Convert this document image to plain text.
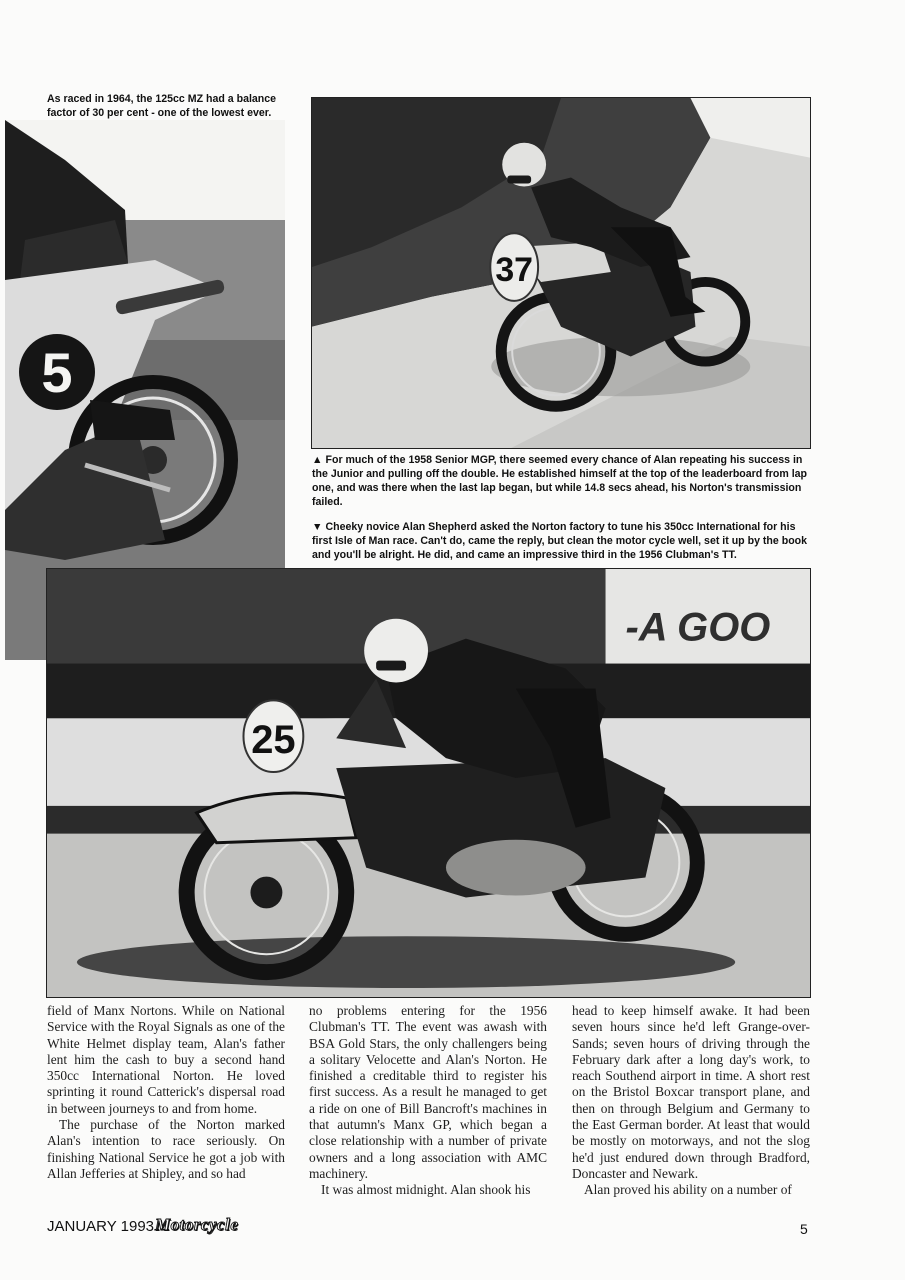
5

As raced in 1964, the 125cc MZ had a balance factor of 30 per cent - one of the lowest ever.

37

▲ For much of the 1958 Senior MGP, there seemed every chance of Alan repeating his success in the Junior and pulling off the double. He established himself at the top of the leaderboard from lap one, and was there when the last lap began, but while 14.8 secs ahead, his Norton's transmission failed.

▼ Cheeky novice Alan Shepherd asked the Norton factory to tune his 350cc International for his first Isle of Man race. Can't do, came the reply, but clean the motor cycle well, set it up by the book and you'll be alright. He did, and came an impressive third in the 1956 Clubman's TT.

-A GOO
25

field of Manx Nortons. While on National Service with the Royal Signals as one of the White Helmet display team, Alan's father lent him the cash to buy a second hand 350cc International Norton. He loved sprinting it round Catterick's dispersal road in between journeys to and from home.

The purchase of the Norton marked Alan's intention to race seriously. On finishing National Service he got a job with Allan Jefferies at Shipley, and so had

no problems entering for the 1956 Clubman's TT. The event was awash with BSA Gold Stars, the only challengers being a solitary Velocette and Alan's Norton. He finished a creditable third to register his first success. As a result he managed to get a ride on one of Bill Bancroft's machines in that autumn's Manx GP, which began a close relationship with a number of private owners and a long association with AMC machinery.

It was almost midnight. Alan shook his

head to keep himself awake. It had been seven hours since he'd left Grange-over-Sands; seven hours of driving through the February dark after a long day's work, to reach Southend airport in time. A short rest on the Bristol Boxcar transport plane, and then on through Belgium and Germany to the East German border. At least that would be mostly on motorways, and not the slog he'd just endured down through Bradford, Doncaster and Newark.

Alan proved his ability on a number of

JANUARY 1993 Motorcycle	5
